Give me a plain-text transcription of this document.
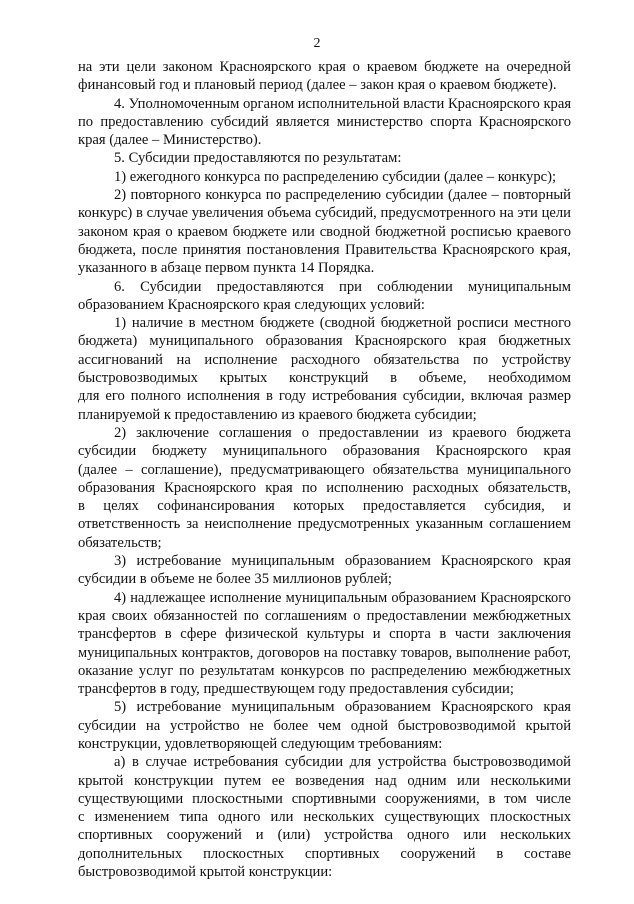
2
на эти цели законом Красноярского края о краевом бюджете на очередной
финансовый год и плановый период (далее – закон края о краевом бюджете).
4. Уполномоченным органом исполнительной власти Красноярского края
по предоставлению субсидий является министерство спорта Красноярского
края (далее – Министерство).
5. Субсидии предоставляются по результатам:
1) ежегодного конкурса по распределению субсидии (далее – конкурс);
2) повторного конкурса по распределению субсидии (далее – повторный
конкурс) в случае увеличения объема субсидий, предусмотренного на эти цели
законом края о краевом бюджете или сводной бюджетной росписью краевого
бюджета, после принятия постановления Правительства Красноярского края,
указанного в абзаце первом пункта 14 Порядка.
6. Субсидии предоставляются при соблюдении муниципальным
образованием Красноярского края следующих условий:
1) наличие в местном бюджете (сводной бюджетной росписи местного
бюджета) муниципального образования Красноярского края бюджетных
ассигнований на исполнение расходного обязательства по устройству
быстровозводимых крытых конструкций в объеме, необходимом
для его полного исполнения в году истребования субсидии, включая размер
планируемой к предоставлению из краевого бюджета субсидии;
2) заключение соглашения о предоставлении из краевого бюджета
субсидии бюджету муниципального образования Красноярского края
(далее – соглашение), предусматривающего обязательства муниципального
образования Красноярского края по исполнению расходных обязательств,
в целях софинансирования которых предоставляется субсидия, и
ответственность за неисполнение предусмотренных указанным соглашением
обязательств;
3) истребование муниципальным образованием Красноярского края
субсидии в объеме не более 35 миллионов рублей;
4) надлежащее исполнение муниципальным образованием Красноярского
края своих обязанностей по соглашениям о предоставлении межбюджетных
трансфертов в сфере физической культуры и спорта в части заключения
муниципальных контрактов, договоров на поставку товаров, выполнение работ,
оказание услуг по результатам конкурсов по распределению межбюджетных
трансфертов в году, предшествующем году предоставления субсидии;
5) истребование муниципальным образованием Красноярского края
субсидии на устройство не более чем одной быстровозводимой крытой
конструкции, удовлетворяющей следующим требованиям:
а) в случае истребования субсидии для устройства быстровозводимой
крытой конструкции путем ее возведения над одним или несколькими
существующими плоскостными спортивными сооружениями, в том числе
с изменением типа одного или нескольких существующих плоскостных
спортивных сооружений и (или) устройства одного или нескольких
дополнительных плоскостных спортивных сооружений в составе
быстровозводимой крытой конструкции:
